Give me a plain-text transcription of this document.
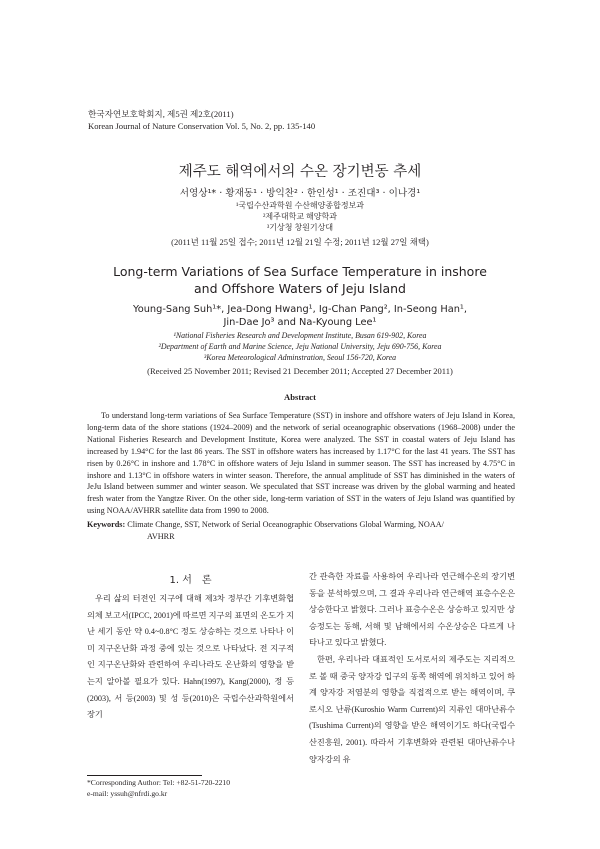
한국자연보호학회지, 제5권 제2호(2011)
Korean Journal of Nature Conservation Vol. 5, No. 2, pp. 135-140
제주도 해역에서의 수온 장기변동 추세
서영상¹* · 황재동¹ · 방익찬² · 한인성¹ · 조진대³ · 이나경¹
¹국립수산과학원 수산해양종합정보과
²제주대학교 해양학과
³기상청 창원기상대
(2011년 11월 25일 접수; 2011년 12월 21일 수정; 2011년 12월 27일 채택)
Long-term Variations of Sea Surface Temperature in inshore
and Offshore Waters of Jeju Island
Young-Sang Suh¹*, Jea-Dong Hwang¹, Ig-Chan Pang², In-Seong Han¹,
Jin-Dae Jo³ and Na-Kyoung Lee¹
¹National Fisheries Research and Development Institute, Busan 619-902, Korea
²Department of Earth and Marine Science, Jeju National University, Jeju 690-756, Korea
³Korea Meteorological Adminstration, Seoul 156-720, Korea
(Received 25 November 2011; Revised 21 December 2011; Accepted 27 December 2011)
Abstract
To understand long-term variations of Sea Surface Temperature (SST) in inshore and offshore waters of Jeju Island in Korea, long-term data of the shore stations (1924–2009) and the network of serial oceanographic observations (1968–2008) under the National Fisheries Research and Development Institute, Korea were analyzed. The SST in coastal waters of Jeju Island has increased by 1.94°C for the last 86 years. The SST in offshore waters has increased by 1.17°C for the last 41 years. The SST has risen by 0.26°C in inshore and 1.78°C in offshore waters of Jeju Island in summer season. The SST has increased by 4.75°C in inshore and 1.13°C in offshore waters in winter season. Therefore, the annual amplitude of SST has diminished in the waters of JeJu Island between summer and winter season. We speculated that SST increase was driven by the global warming and heated fresh water from the Yangtze River. On the other side, long-term variation of SST in the waters of Jeju Island was quantified by using NOAA/AVHRR satellite data from 1990 to 2008.
Keywords: Climate Change, SST, Network of Serial Oceanographic Observations Global Warming, NOAA/
AVHRR
1. 서　론
우리 삶의 터전인 지구에 대해 제3차 정부간 기후변화협의체 보고서(IPCC, 2001)에 따르면 지구의 표면의 온도가 지난 세기 동안 약 0.4~0.8°C 정도 상승하는 것으로 나타나 이미 지구온난화 과정 중에 있는 것으로 나타났다. 전 지구적인 지구온난화와 관련하여 우리나라도 온난화의 영향을 받는지 알아볼 필요가 있다. Hahn(1997), Kang(2000), 정 등(2003), 서 등(2003) 및 성 등(2010)은 국립수산과학원에서 장기
*Corresponding Author: Tel: +82-51-720-2210
e-mail: yssuh@nfrdi.go.kr

간 관측한 자료를 사용하여 우리나라 연근해수온의 장기변동을 분석하였으며, 그 결과 우리나라 연근해역 표층수온은 상승한다고 밝혔다. 그러나 표층수온은 상승하고 있지만 상승정도는 동해, 서해 및 남해에서의 수온상승은 다르게 나타나고 있다고 밝혔다.

한편, 우리나라 대표적인 도서로서의 제주도는 지리적으로 볼 때 중국 양자강 입구의 동쪽 해역에 위치하고 있어 하계 양자강 저염분의 영향을 직접적으로 받는 해역이며, 쿠로시오 난류(Kuroshio Warm Current)의 지류인 대마난류수(Tsushima Current)의 영향을 받은 해역이기도 하다(국립수산진흥원, 2001). 따라서 기후변화와 관련된 대마난류수나 양자강의 유
